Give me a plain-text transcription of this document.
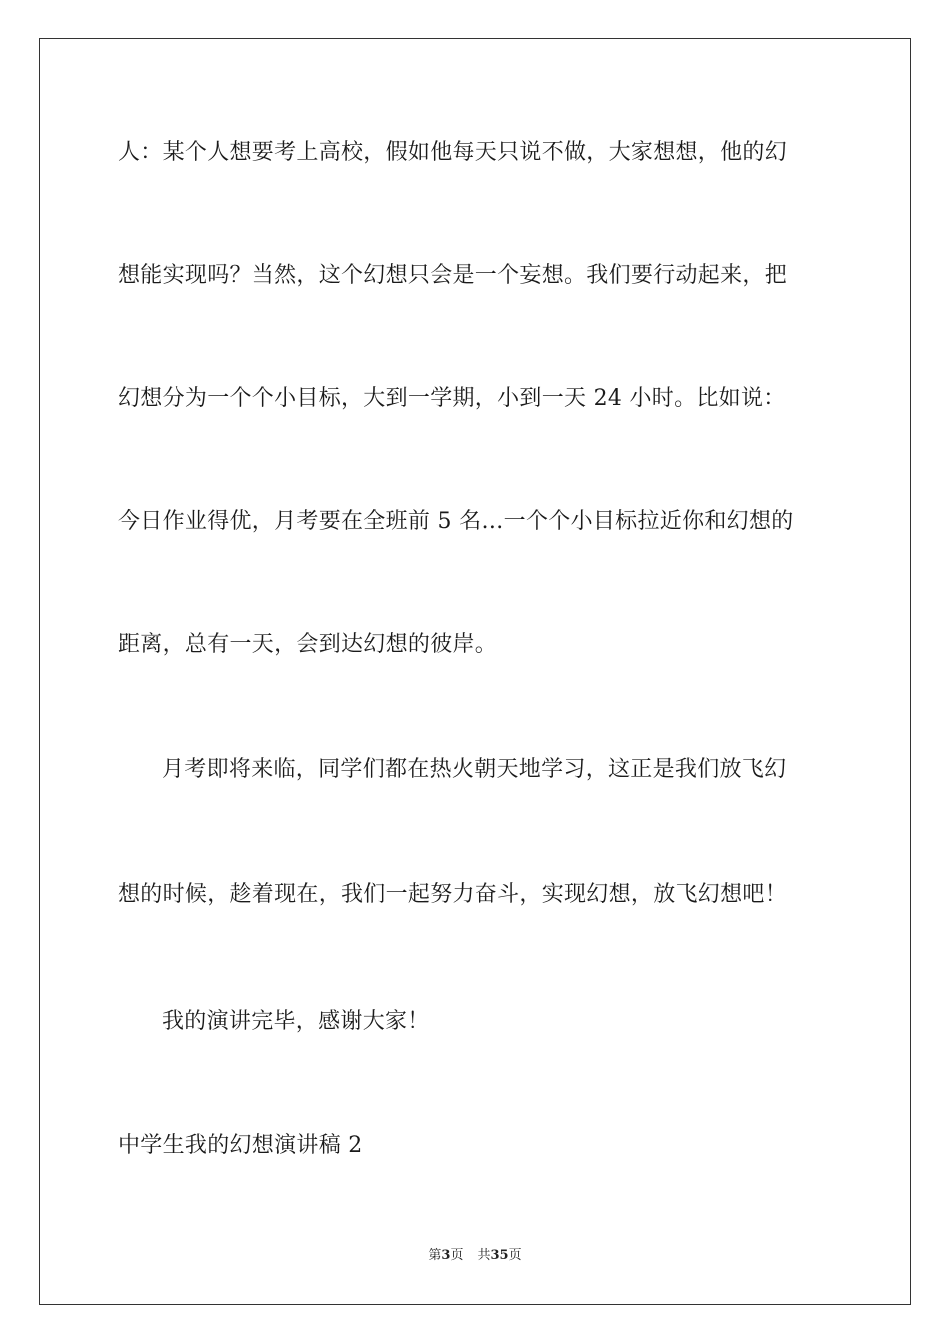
人：某个人想要考上高校，假如他每天只说不做，大家想想，他的幻
想能实现吗？当然，这个幻想只会是一个妄想。我们要行动起来，把
幻想分为一个个小目标，大到一学期，小到一天 24 小时。比如说：
今日作业得优，月考要在全班前 5 名…一个个小目标拉近你和幻想的
距离，总有一天，会到达幻想的彼岸。
月考即将来临，同学们都在热火朝天地学习，这正是我们放飞幻
想的时候，趁着现在，我们一起努力奋斗，实现幻想，放飞幻想吧！
我的演讲完毕，感谢大家！
中学生我的幻想演讲稿 2
第3页 共35页
